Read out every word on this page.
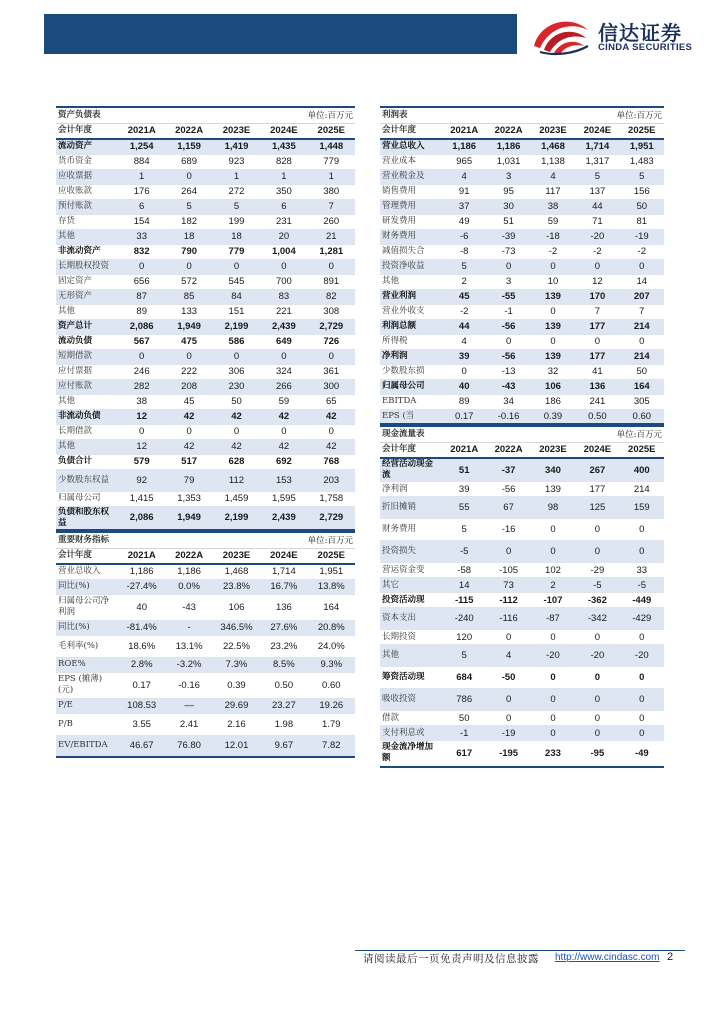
信达证券
CINDA SECURITIES
资产负债表			单位:百万元		
会计年度	2021A	2022A	2023E	2024E	2025E
流动资产	1,254	1,159	1,419	1,435	1,448
货币资金	884	689	923	828	779
应收票据	1	0	1	1	1
应收账款	176	264	272	350	380
预付账款	6	5	5	6	7
存货	154	182	199	231	260
其他	33	18	18	20	21
非流动资产	832	790	779	1,004	1,281
长期股权投资	0	0	0	0	0
固定资产	656	572	545	700	891
无形资产	87	85	84	83	82
其他	89	133	151	221	308
资产总计	2,086	1,949	2,199	2,439	2,729
流动负债	567	475	586	649	726
短期借款	0	0	0	0	0
应付票据	246	222	306	324	361
应付账款	282	208	230	266	300
其他	38	45	50	59	65
非流动负债	12	42	42	42	42
长期借款	0	0	0	0	0
其他	12	42	42	42	42
负债合计	579	517	628	692	768
少数股东权益	92	79	112	153	203
归属母公司	1,415	1,353	1,459	1,595	1,758
负债和股东权益	2,086	1,949	2,199	2,439	2,729
利润表			单位:百万元		
会计年度	2021A	2022A	2023E	2024E	2025E
营业总收入	1,186	1,186	1,468	1,714	1,951
营业成本	965	1,031	1,138	1,317	1,483
营业税金及	4	3	4	5	5
销售费用	91	95	117	137	156
管理费用	37	30	38	44	50
研发费用	49	51	59	71	81
财务费用	-6	-39	-18	-20	-19
减值损失合	-8	-73	-2	-2	-2
投资净收益	5	0	0	0	0
其他	2	3	10	12	14
营业利润	45	-55	139	170	207
营业外收支	-2	-1	0	7	7
利润总额	44	-56	139	177	214
所得税	4	0	0	0	0
净利润	39	-56	139	177	214
少数股东损	0	-13	32	41	50
归属母公司	40	-43	106	136	164
EBITDA	89	34	186	241	305
EPS (当	0.17	-0.16	0.39	0.50	0.60
现金流量表			单位:百万元		
会计年度	2021A	2022A	2023E	2024E	2025E
经营活动现金流	51	-37	340	267	400
净利润	39	-56	139	177	214
折旧摊销	55	67	98	125	159
财务费用	5	-16	0	0	0
投资损失	-5	0	0	0	0
营运资金变	-58	-105	102	-29	33
其它	14	73	2	-5	-5
投资活动现	-115	-112	-107	-362	-449
资本支出	-240	-116	-87	-342	-429
长期投资	120	0	0	0	0
其他	5	4	-20	-20	-20
筹资活动现	684	-50	0	0	0
吸收投资	786	0	0	0	0
借款	50	0	0	0	0
支付利息或	-1	-19	0	0	0
现金流净增加额	617	-195	233	-95	-49
重要财务指标			单位:百万元		
会计年度	2021A	2022A	2023E	2024E	2025E
营业总收入	1,186	1,186	1,468	1,714	1,951
同比(%)	-27.4%	0.0%	23.8%	16.7%	13.8%
归属母公司净利润	40	-43	106	136	164
同比(%)	-81.4%	-	346.5%	27.6%	20.8%
毛利率(%)	18.6%	13.1%	22.5%	23.2%	24.0%
ROE%	2.8%	-3.2%	7.3%	8.5%	9.3%
EPS (摊薄)(元)	0.17	-0.16	0.39	0.50	0.60
P/E	108.53	—	29.69	23.27	19.26
P/B	3.55	2.41	2.16	1.98	1.79
EV/EBITDA	46.67	76.80	12.01	9.67	7.82
请阅读最后一页免责声明及信息披露 http://www.cindasc.com 2
